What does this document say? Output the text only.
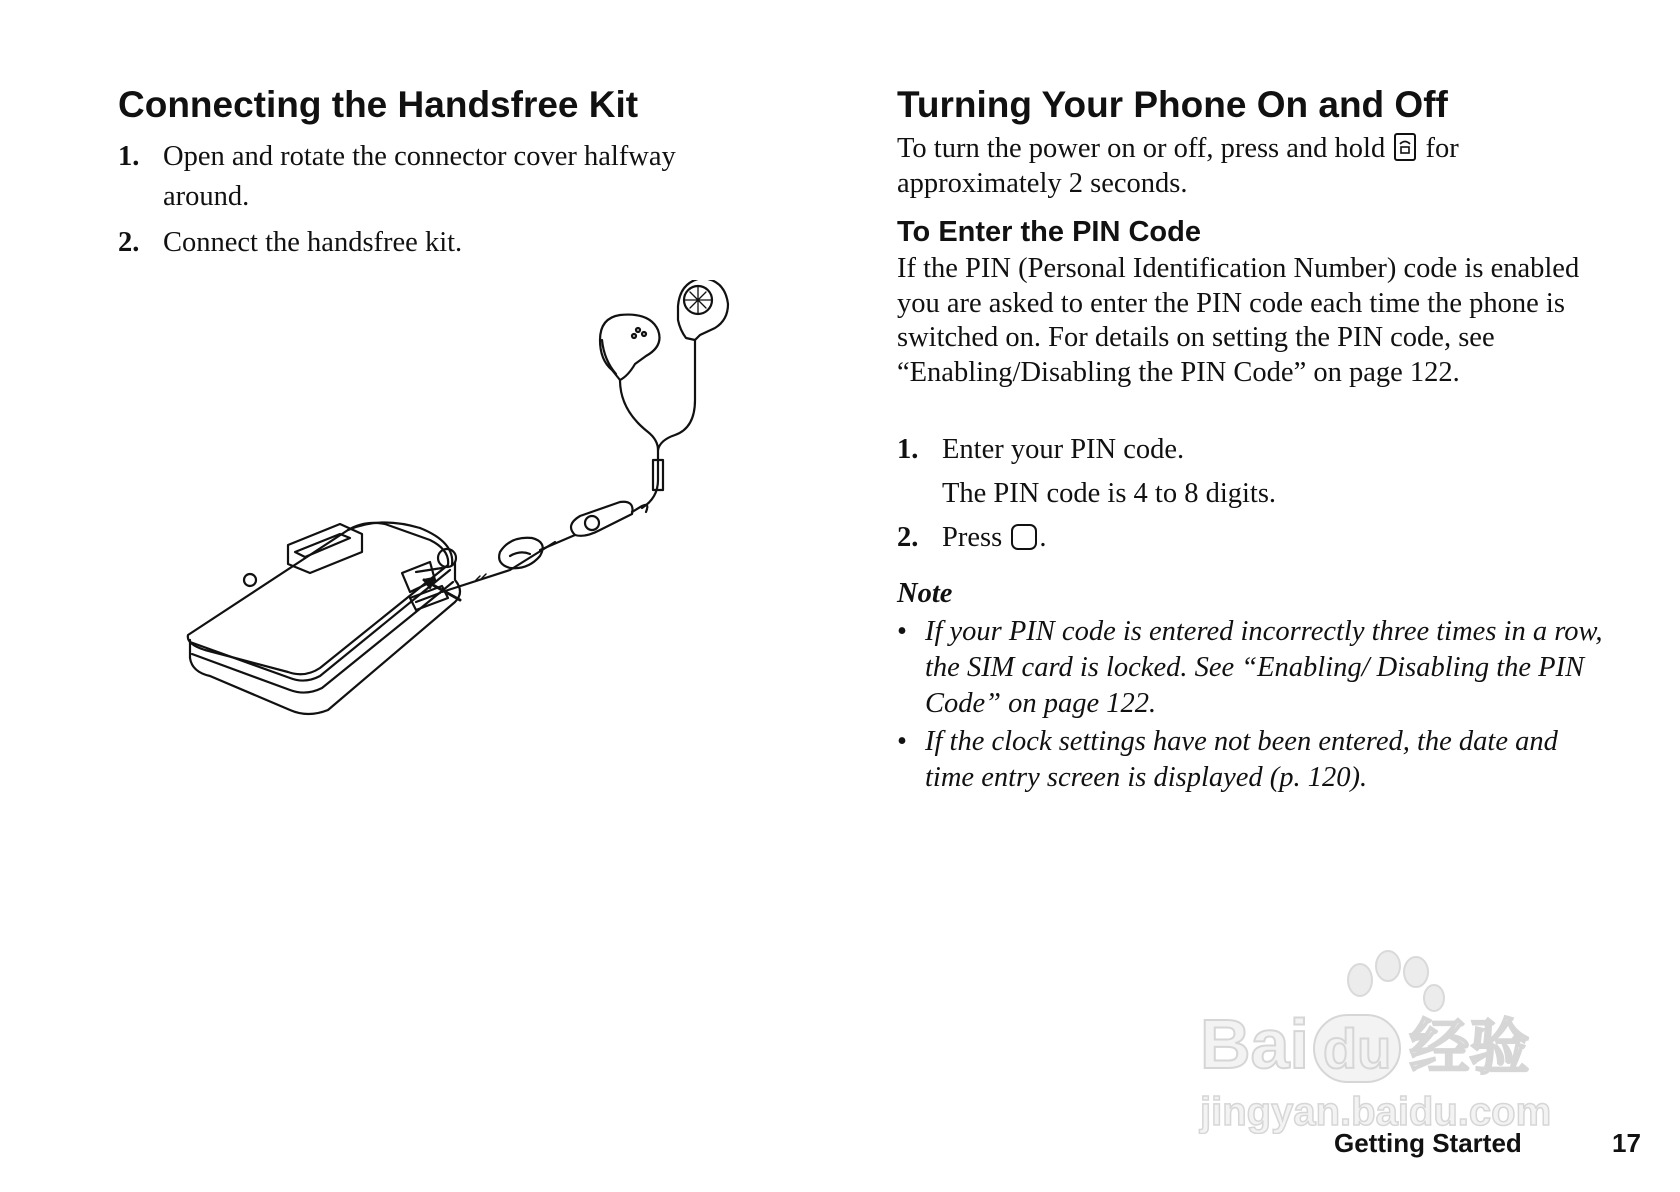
Connecting the Handsfree Kit
1. Open and rotate the connector cover halfway around.
2. Connect the handsfree kit.
Turning Your Phone On and Off

To turn the power on or off, press and hold for approximately 2 seconds.

To Enter the PIN Code

If the PIN (Personal Identification Number) code is enabled you are asked to enter the PIN code each time the phone is switched on. For details on setting the PIN code, see “Enabling/Disabling the PIN Code” on page 122.

1. Enter your PIN code.
The PIN code is 4 to 8 digits.
2. Press .

Note

• If your PIN code is entered incorrectly three times in a row, the SIM card is locked. See “Enabling/ Disabling the PIN Code” on page 122.
• If the clock settings have not been entered, the date and time entry screen is displayed (p. 120).
Bai du 经验
jingyan.baidu.com
Getting Started	17
